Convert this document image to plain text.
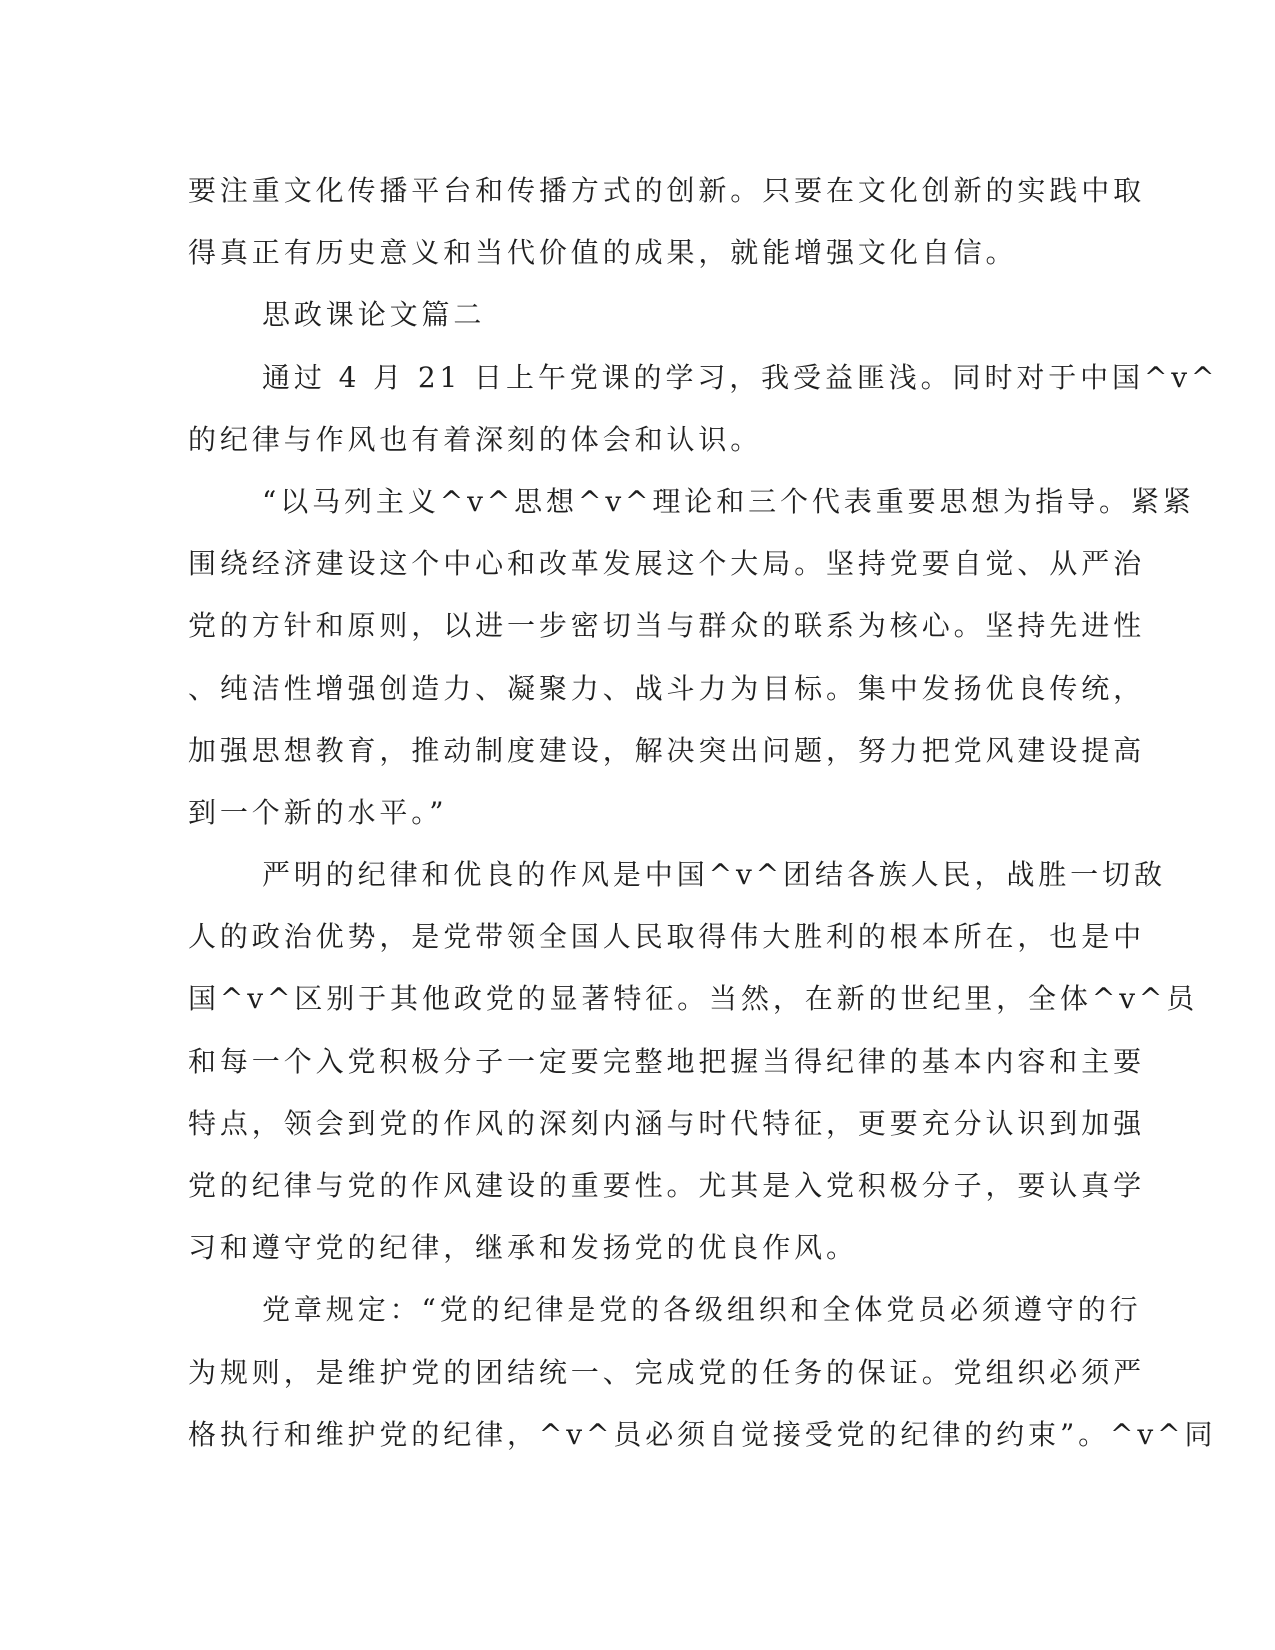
要注重文化传播平台和传播方式的创新。只要在文化创新的实践中取
得真正有历史意义和当代价值的成果，就能增强文化自信。
思政课论文篇二
通过 4 月 21 日上午党课的学习，我受益匪浅。同时对于中国^v^
的纪律与作风也有着深刻的体会和认识。
“以马列主义^v^思想^v^理论和三个代表重要思想为指导。紧紧
围绕经济建设这个中心和改革发展这个大局。坚持党要自觉、从严治
党的方针和原则，以进一步密切当与群众的联系为核心。坚持先进性
、纯洁性增强创造力、凝聚力、战斗力为目标。集中发扬优良传统，
加强思想教育，推动制度建设，解决突出问题，努力把党风建设提高
到一个新的水平。”
严明的纪律和优良的作风是中国^v^团结各族人民，战胜一切敌
人的政治优势，是党带领全国人民取得伟大胜利的根本所在，也是中
国^v^区别于其他政党的显著特征。当然，在新的世纪里，全体^v^员
和每一个入党积极分子一定要完整地把握当得纪律的基本内容和主要
特点，领会到党的作风的深刻内涵与时代特征，更要充分认识到加强
党的纪律与党的作风建设的重要性。尤其是入党积极分子，要认真学
习和遵守党的纪律，继承和发扬党的优良作风。
党章规定：“党的纪律是党的各级组织和全体党员必须遵守的行
为规则，是维护党的团结统一、完成党的任务的保证。党组织必须严
格执行和维护党的纪律，^v^员必须自觉接受党的纪律的约束”。^v^同
